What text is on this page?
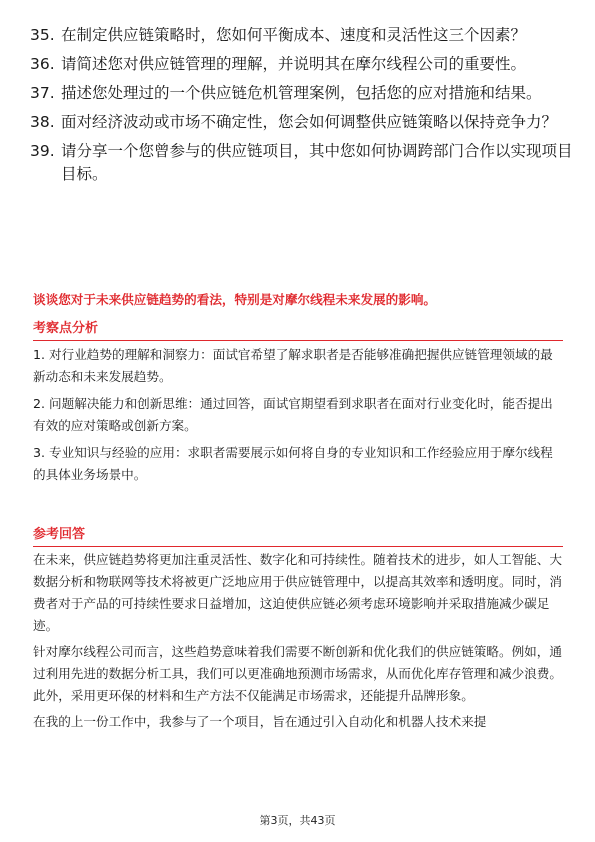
35. 在制定供应链策略时，您如何平衡成本、速度和灵活性这三个因素？
36. 请简述您对供应链管理的理解，并说明其在摩尔线程公司的重要性。
37. 描述您处理过的一个供应链危机管理案例，包括您的应对措施和结果。
38. 面对经济波动或市场不确定性，您会如何调整供应链策略以保持竞争力？
39. 请分享一个您曾参与的供应链项目，其中您如何协调跨部门合作以实现项目目标。
谈谈您对于未来供应链趋势的看法，特别是对摩尔线程未来发展的影响。
考察点分析

1. 对行业趋势的理解和洞察力：面试官希望了解求职者是否能够准确把握供应链管理领域的最新动态和未来发展趋势。

2. 问题解决能力和创新思维：通过回答，面试官期望看到求职者在面对行业变化时，能否提出有效的应对策略或创新方案。

3. 专业知识与经验的应用：求职者需要展示如何将自身的专业知识和工作经验应用于摩尔线程的具体业务场景中。

参考回答

在未来，供应链趋势将更加注重灵活性、数字化和可持续性。随着技术的进步，如人工智能、大数据分析和物联网等技术将被更广泛地应用于供应链管理中，以提高其效率和透明度。同时，消费者对于产品的可持续性要求日益增加，这迫使供应链必须考虑环境影响并采取措施减少碳足迹。

针对摩尔线程公司而言，这些趋势意味着我们需要不断创新和优化我们的供应链策略。例如，通过利用先进的数据分析工具，我们可以更准确地预测市场需求，从而优化库存管理和减少浪费。此外，采用更环保的材料和生产方法不仅能满足市场需求，还能提升品牌形象。

在我的上一份工作中，我参与了一个项目，旨在通过引入自动化和机器人技术来提

第3页，共43页
